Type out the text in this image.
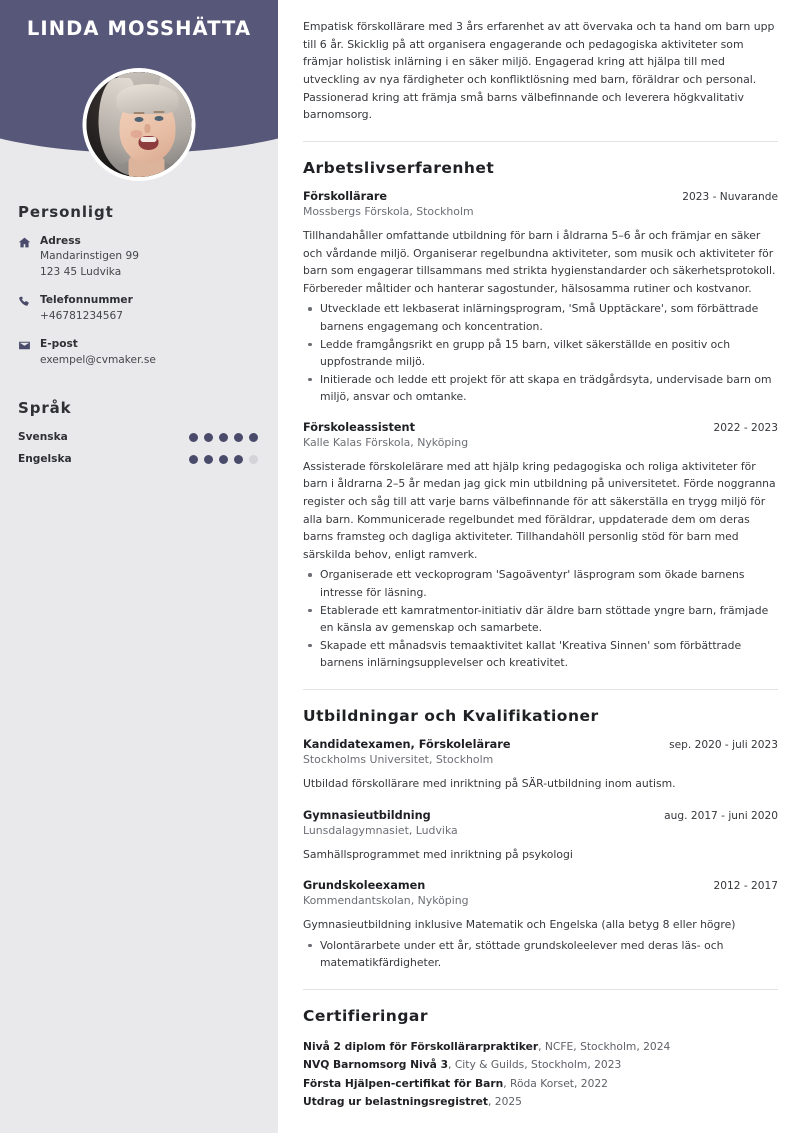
LINDA MOSSHÄTTA
Personligt
Adress
Mandarinstigen 99
123 45 Ludvika
Telefonnummer
+46781234567
E-post
exempel@cvmaker.se
Språk
Svenska
Engelska

Empatisk förskollärare med 3 års erfarenhet av att övervaka och ta hand om barn upp till 6 år. Skicklig på att organisera engagerande och pedagogiska aktiviteter som främjar holistisk inlärning i en säker miljö. Engagerad kring att hjälpa till med utveckling av nya färdigheter och konfliktlösning med barn, föräldrar och personal. Passionerad kring att främja små barns välbefinnande och leverera högkvalitativ barnomsorg.

Arbetslivserfarenhet
Förskollärare	2023 - Nuvarande
Mossbergs Förskola, Stockholm

Tillhandahåller omfattande utbildning för barn i åldrarna 5–6 år och främjar en säker och vårdande miljö. Organiserar regelbundna aktiviteter, som musik och aktiviteter för barn som engagerar tillsammans med strikta hygienstandarder och säkerhetsprotokoll. Förbereder måltider och hanterar sagostunder, hälsosamma rutiner och kostvanor.

Utvecklade ett lekbaserat inlärningsprogram, 'Små Upptäckare', som förbättrade barnens engagemang och koncentration.
Ledde framgångsrikt en grupp på 15 barn, vilket säkerställde en positiv och uppfostrande miljö.
Initierade och ledde ett projekt för att skapa en trädgårdsyta, undervisade barn om miljö, ansvar och omtanke.
Förskoleassistent	2022 - 2023
Kalle Kalas Förskola, Nyköping

Assisterade förskolelärare med att hjälp kring pedagogiska och roliga aktiviteter för barn i åldrarna 2–5 år medan jag gick min utbildning på universitetet. Förde noggranna register och såg till att varje barns välbefinnande för att säkerställa en trygg miljö för alla barn. Kommunicerade regelbundet med föräldrar, uppdaterade dem om deras barns framsteg och dagliga aktiviteter. Tillhandahöll personlig stöd för barn med särskilda behov, enligt ramverk.

Organiserade ett veckoprogram 'Sagoäventyr' läsprogram som ökade barnens intresse för läsning.
Etablerade ett kamratmentor-initiativ där äldre barn stöttade yngre barn, främjade en känsla av gemenskap och samarbete.
Skapade ett månadsvis temaaktivitet kallat 'Kreativa Sinnen' som förbättrade barnens inlärningsupplevelser och kreativitet.
Utbildningar och Kvalifikationer
Kandidatexamen, Förskolelärare	sep. 2020 - juli 2023
Stockholms Universitet, Stockholm

Utbildad förskollärare med inriktning på SÄR-utbildning inom autism.

Gymnasieutbildning	aug. 2017 - juni 2020
Lunsdalagymnasiet, Ludvika

Samhällsprogrammet med inriktning på psykologi

Grundskoleexamen	2012 - 2017
Kommendantskolan, Nyköping

Gymnasieutbildning inklusive Matematik och Engelska (alla betyg 8 eller högre)

Volontärarbete under ett år, stöttade grundskoleelever med deras läs- och matematikfärdigheter.
Certifieringar
Nivå 2 diplom för Förskollärarpraktiker, NCFE, Stockholm, 2024
NVQ Barnomsorg Nivå 3, City & Guilds, Stockholm, 2023
Första Hjälpen-certifikat för Barn, Röda Korset, 2022
Utdrag ur belastningsregistret, 2025
